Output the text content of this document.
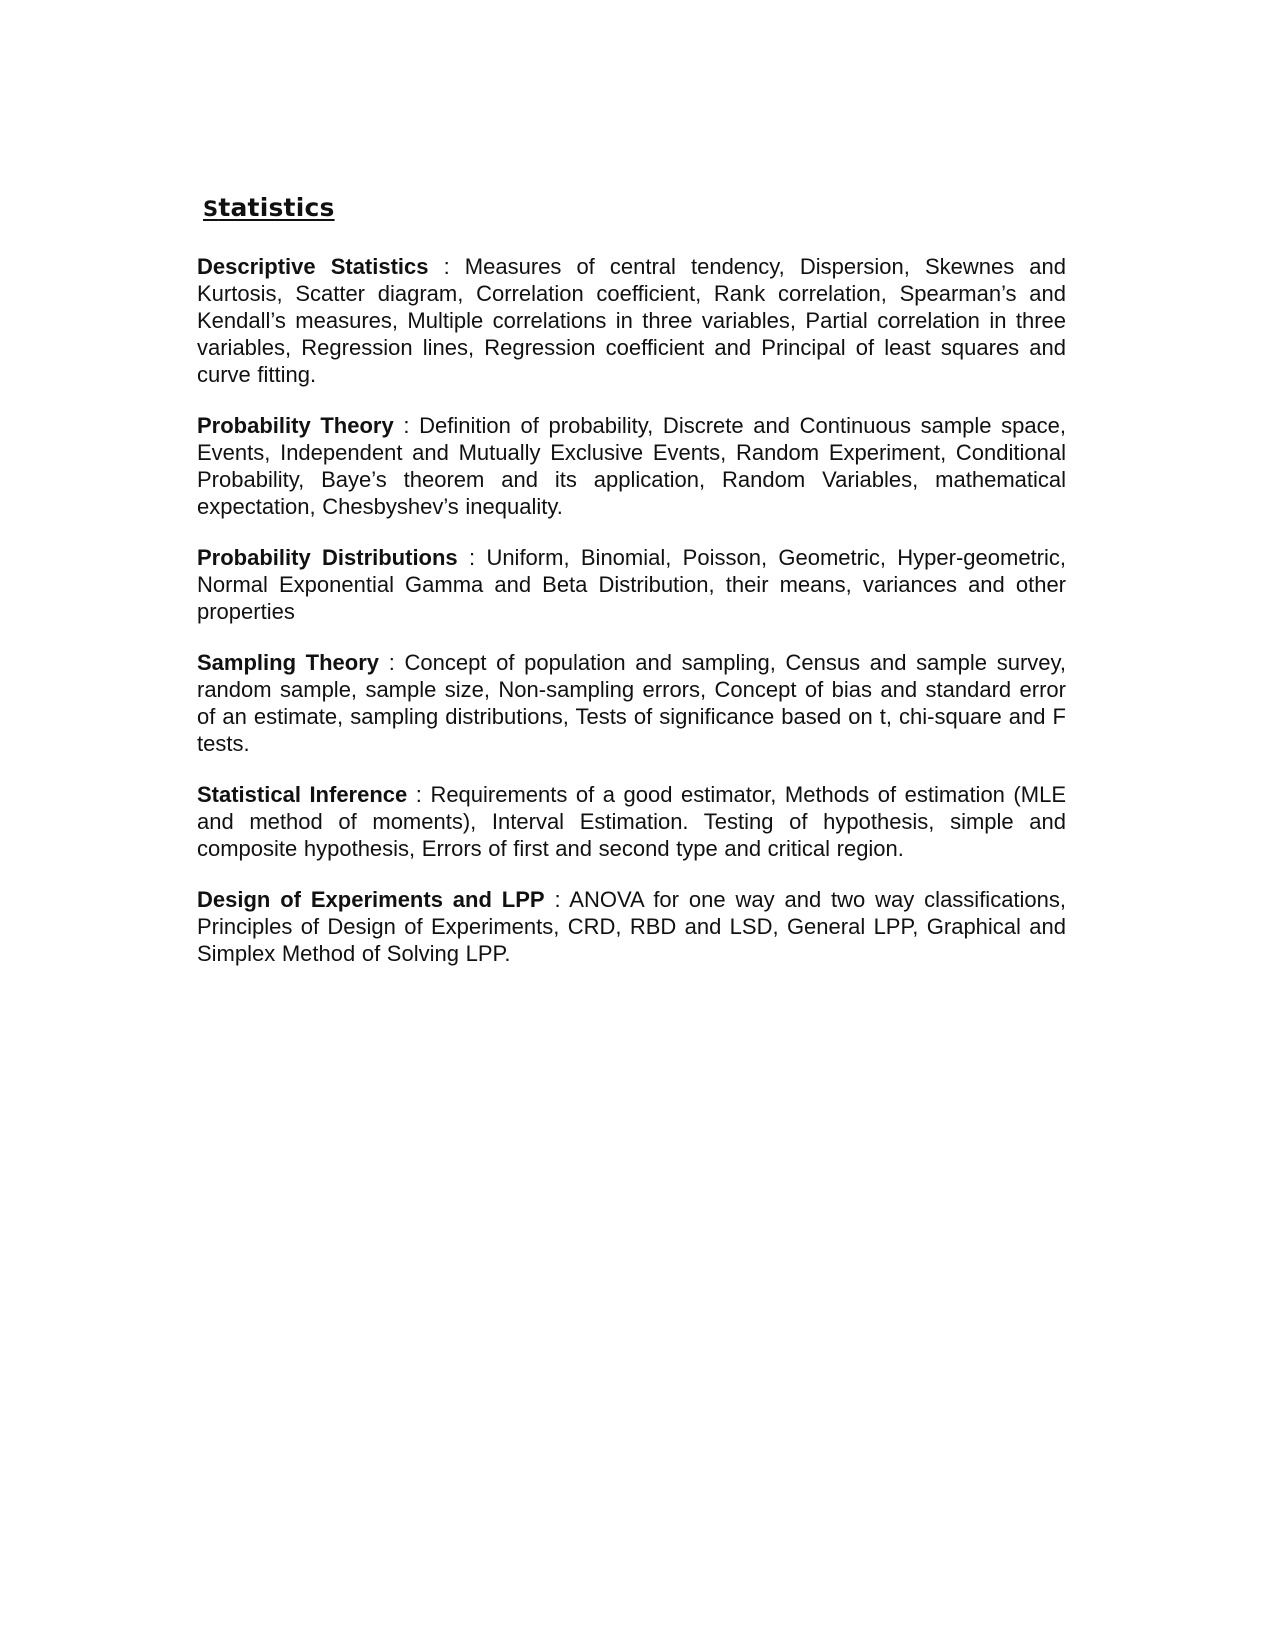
Statistics

Descriptive Statistics : Measures of central tendency, Dispersion, Skewnes and Kurtosis, Scatter diagram, Correlation coefficient, Rank correlation, Spearman’s and Kendall’s measures, Multiple correlations in three variables, Partial correlation in three variables, Regression lines, Regression coefficient and Principal of least squares and curve fitting.

Probability Theory : Definition of probability, Discrete and Continuous sample space, Events, Independent and Mutually Exclusive Events, Random Experiment, Conditional Probability, Baye’s theorem and its application, Random Variables, mathematical expectation, Chesbyshev’s inequality.

Probability Distributions : Uniform, Binomial, Poisson, Geometric, Hyper-geometric, Normal Exponential Gamma and Beta Distribution, their means, variances and other properties

Sampling Theory : Concept of population and sampling, Census and sample survey, random sample, sample size, Non-sampling errors, Concept of bias and standard error of an estimate, sampling distributions, Tests of significance based on t, chi-square and F tests.

Statistical Inference : Requirements of a good estimator, Methods of estimation (MLE and method of moments), Interval Estimation. Testing of hypothesis, simple and composite hypothesis, Errors of first and second type and critical region.

Design of Experiments and LPP : ANOVA for one way and two way classifications, Principles of Design of Experiments, CRD, RBD and LSD, General LPP, Graphical and Simplex Method of Solving LPP.
